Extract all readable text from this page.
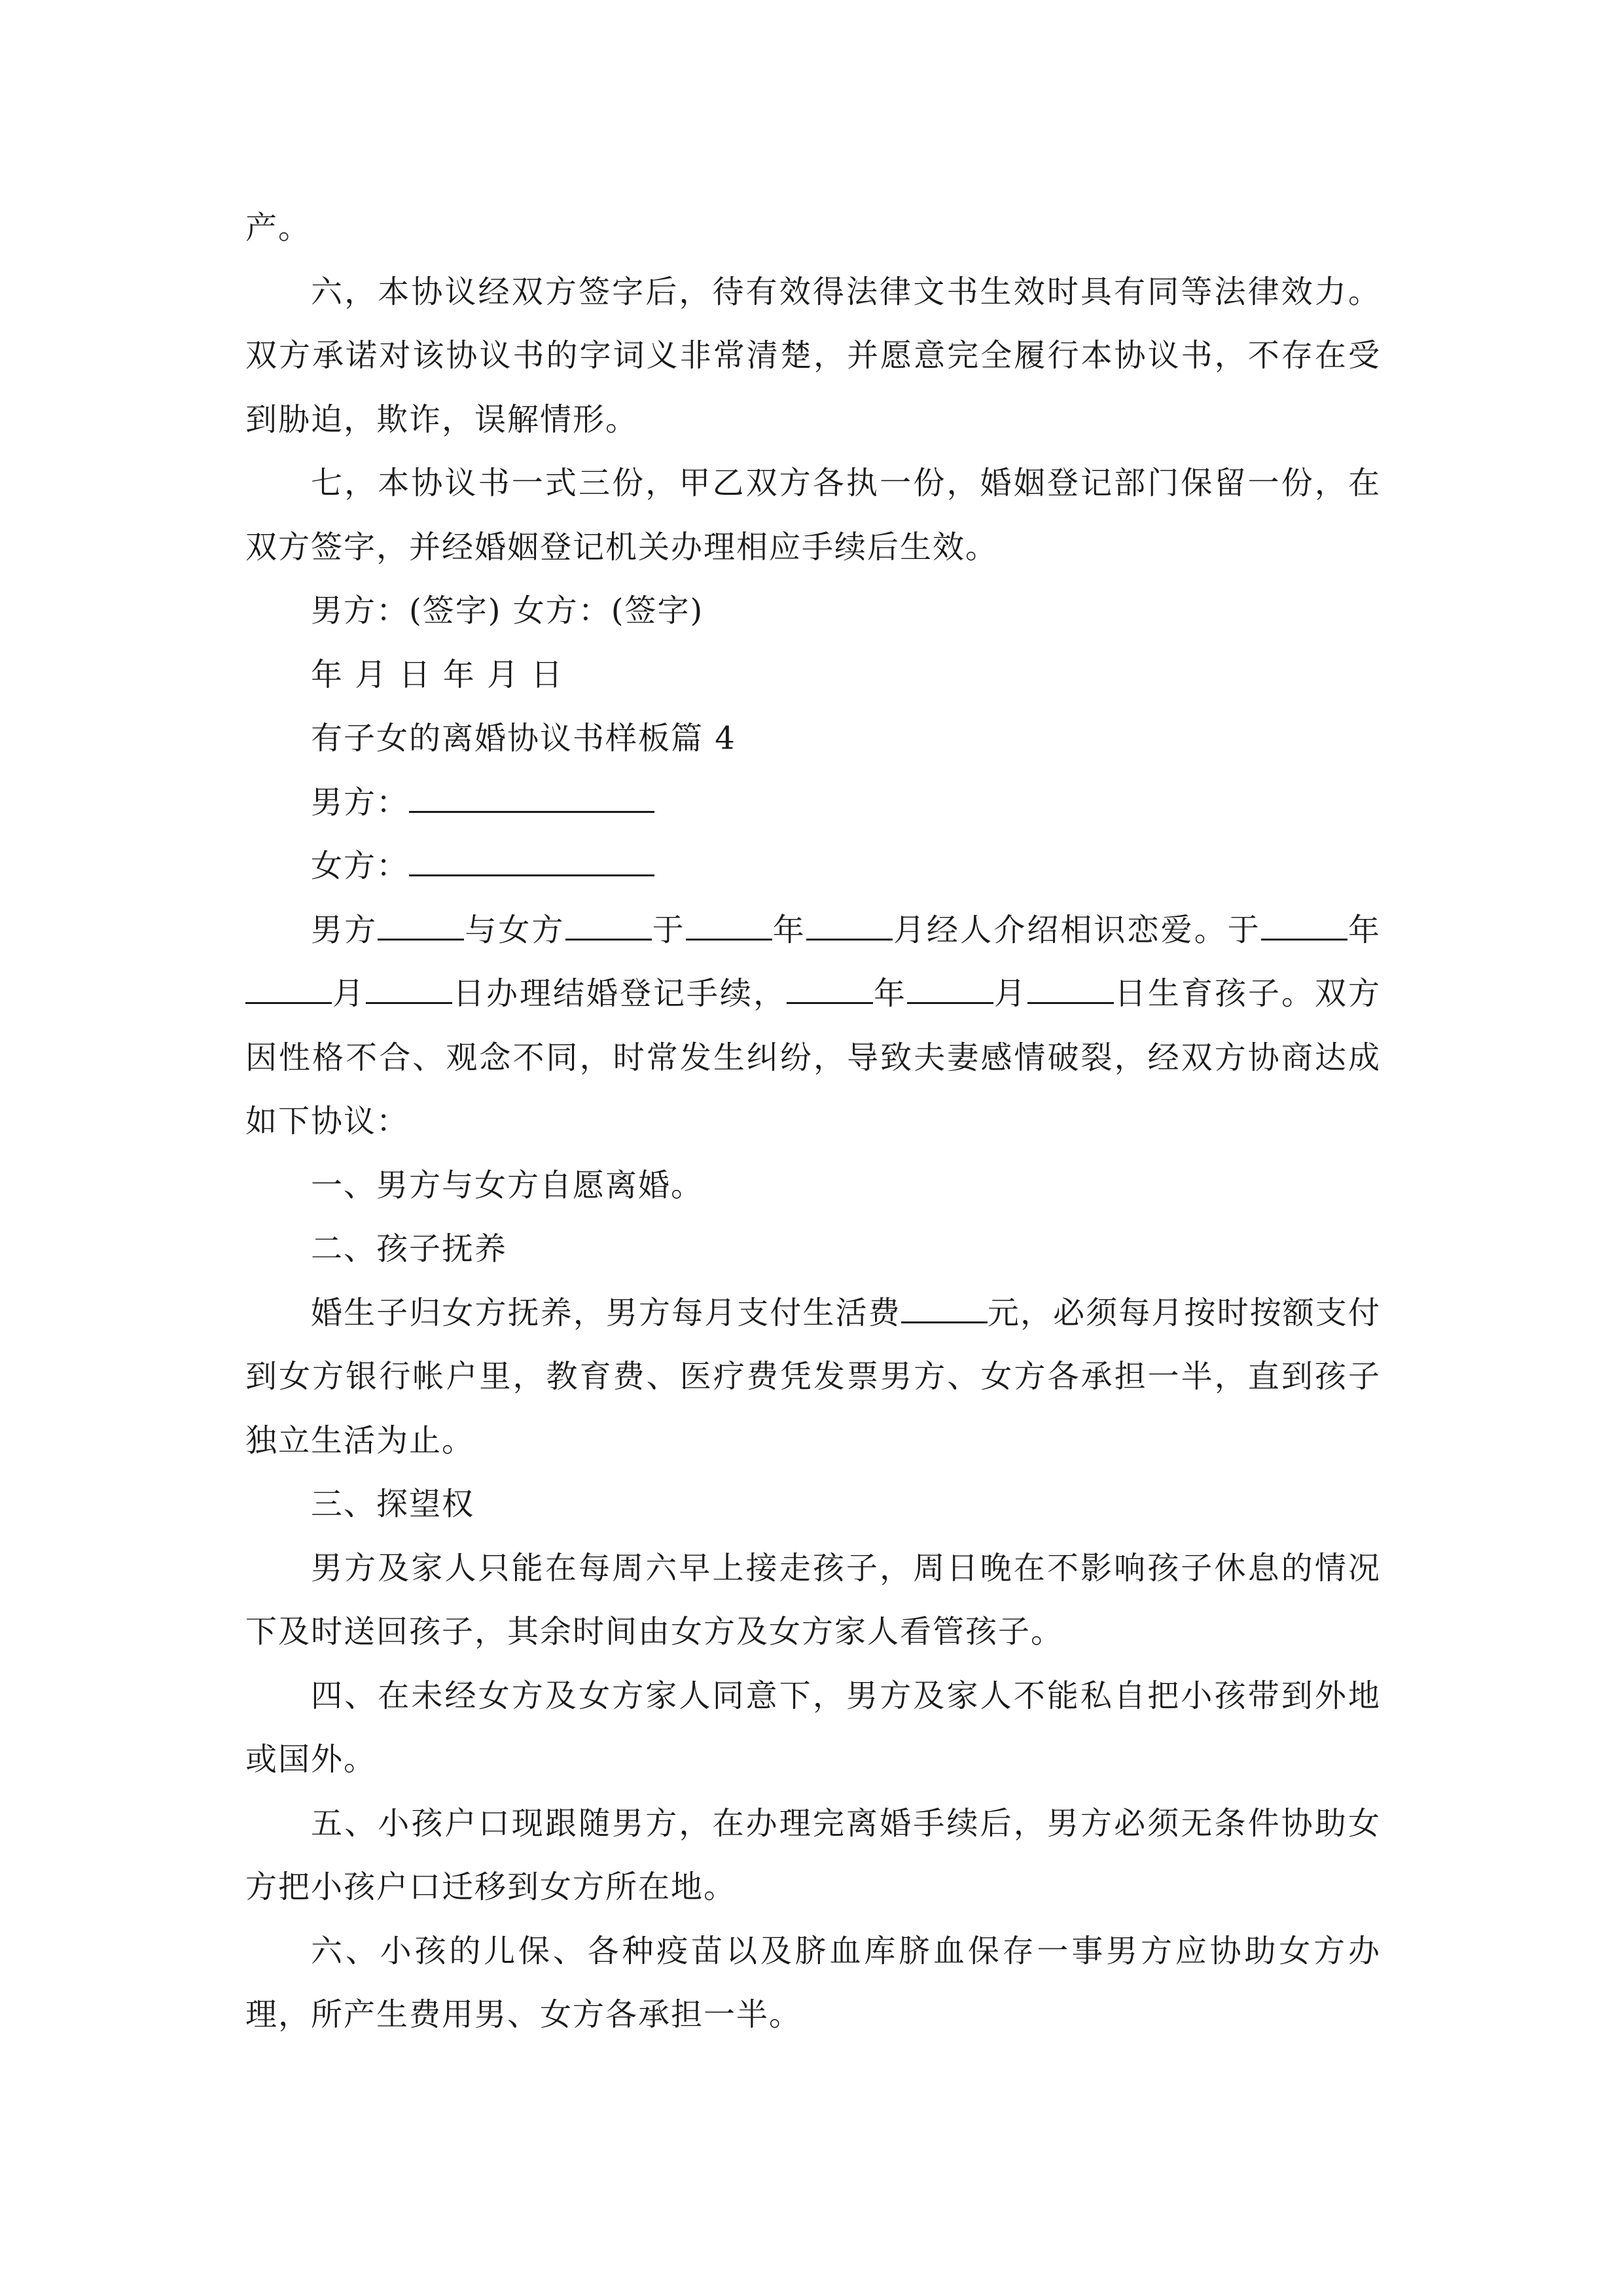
产。

六，本协议经双方签字后，待有效得法律文书生效时具有同等法律效力。双方承诺对该协议书的字词义非常清楚，并愿意完全履行本协议书，不存在受到胁迫，欺诈，误解情形。

七，本协议书一式三份，甲乙双方各执一份，婚姻登记部门保留一份，在双方签字，并经婚姻登记机关办理相应手续后生效。

男方：(签字) 女方：(签字)

年 月 日 年 月 日

有子女的离婚协议书样板篇 4

男方：

女方：

男方	与女方	于	年	月经人介绍相识恋爱。于	年月	日办理结婚登记手续，	年	月	日生育孩子。双方因性格不合、观念不同，时常发生纠纷，导致夫妻感情破裂，经双方协商达成如下协议：

一、男方与女方自愿离婚。

二、孩子抚养

婚生子归女方抚养，男方每月支付生活费	元，必须每月按时按额支付到女方银行帐户里，教育费、医疗费凭发票男方、女方各承担一半，直到孩子独立生活为止。

三、探望权

男方及家人只能在每周六早上接走孩子，周日晚在不影响孩子休息的情况下及时送回孩子，其余时间由女方及女方家人看管孩子。

四、在未经女方及女方家人同意下，男方及家人不能私自把小孩带到外地或国外。

五、小孩户口现跟随男方，在办理完离婚手续后，男方必须无条件协助女方把小孩户口迁移到女方所在地。

六、小孩的儿保、各种疫苗以及脐血库脐血保存一事男方应协助女方办理，所产生费用男、女方各承担一半。
